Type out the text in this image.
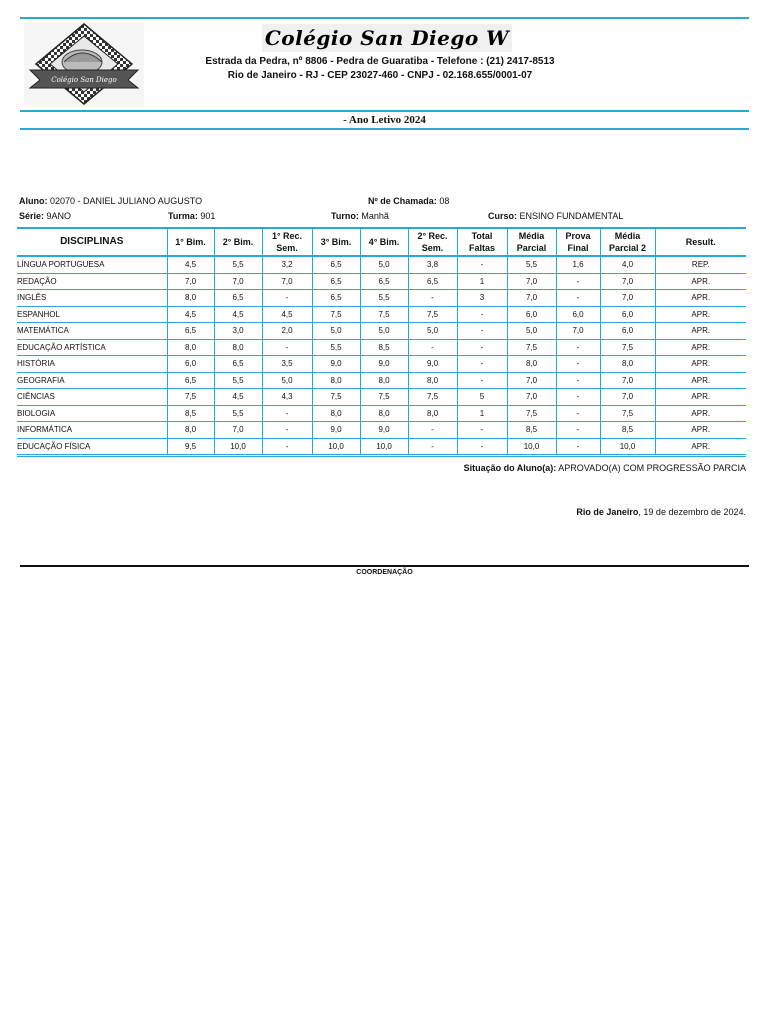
Colégio San Diego
Colégio San Diego W
Estrada da Pedra, nº 8806 - Pedra de Guaratiba - Telefone : (21) 2417-8513
Rio de Janeiro - RJ - CEP 23027-460 - CNPJ - 02.168.655/0001-07
- Ano Letivo 2024
Aluno: 02070 - DANIEL JULIANO AUGUSTO	Nº de Chamada: 08
Série: 9ANO	Turma: 901	Turno: Manhã	Curso: ENSINO FUNDAMENTAL
DISCIPLINAS	1° Bim.	2° Bim.	1° Rec. Sem.	3° Bim.	4° Bim.	2° Rec. Sem.	Total Faltas	Média Parcial	Prova Final	Média Parcial 2	Result.
LÍNGUA PORTUGUESA	4,5	5,5	3,2	6,5	5,0	3,8	-	5,5	1,6	4,0	REP.
REDAÇÃO	7,0	7,0	7,0	6,5	6,5	6,5	1	7,0	-	7,0	APR.
INGLÊS	8,0	6,5	-	6,5	5,5	-	3	7,0	-	7,0	APR.
ESPANHOL	4,5	4,5	4,5	7,5	7,5	7,5	-	6,0	6,0	6,0	APR.
MATEMÁTICA	6,5	3,0	2,0	5,0	5,0	5,0	-	5,0	7,0	6,0	APR.
EDUCAÇÃO ARTÍSTICA	8,0	8,0	-	5,5	8,5	-	-	7,5	-	7,5	APR.
HISTÓRIA	6,0	6,5	3,5	9,0	9,0	9,0	-	8,0	-	8,0	APR.
GEOGRAFIA	6,5	5,5	5,0	8,0	8,0	8,0	-	7,0	-	7,0	APR.
CIÊNCIAS	7,5	4,5	4,3	7,5	7,5	7,5	5	7,0	-	7,0	APR.
BIOLOGIA	8,5	5,5	-	8,0	8,0	8,0	1	7,5	-	7,5	APR.
INFORMÁTICA	8,0	7,0	-	9,0	9,0	-	-	8,5	-	8,5	APR.
EDUCAÇÃO FÍSICA	9,5	10,0	-	10,0	10,0	-	-	10,0	-	10,0	APR.
Situação do Aluno(a): APROVADO(A) COM PROGRESSÃO PARCIA
Rio de Janeiro, 19 de dezembro de 2024.
COORDENAÇÃO
